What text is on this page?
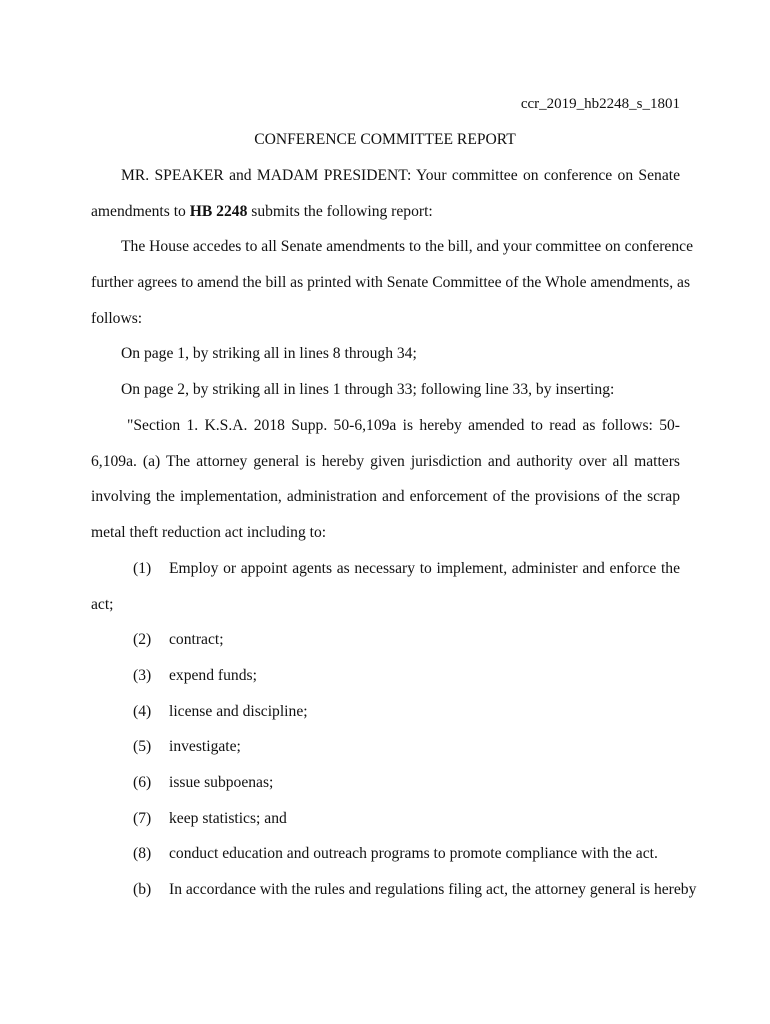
ccr_2019_hb2248_s_1801
CONFERENCE COMMITTEE REPORT
MR. SPEAKER and MADAM PRESIDENT: Your committee on conference on Senate
amendments to HB 2248 submits the following report:
The House accedes to all Senate amendments to the bill, and your committee on conference
further agrees to amend the bill as printed with Senate Committee of the Whole amendments, as
follows:
On page 1, by striking all in lines 8 through 34;
On page 2, by striking all in lines 1 through 33; following line 33, by inserting:
"Section 1. K.S.A. 2018 Supp. 50-6,109a is hereby amended to read as follows: 50-
6,109a. (a) The attorney general is hereby given jurisdiction and authority over all matters
involving the implementation, administration and enforcement of the provisions of the scrap
metal theft reduction act including to:
(1) Employ or appoint agents as necessary to implement, administer and enforce the
act;
(2) contract;
(3) expend funds;
(4) license and discipline;
(5) investigate;
(6) issue subpoenas;
(7) keep statistics; and
(8) conduct education and outreach programs to promote compliance with the act.
(b) In accordance with the rules and regulations filing act, the attorney general is hereby
